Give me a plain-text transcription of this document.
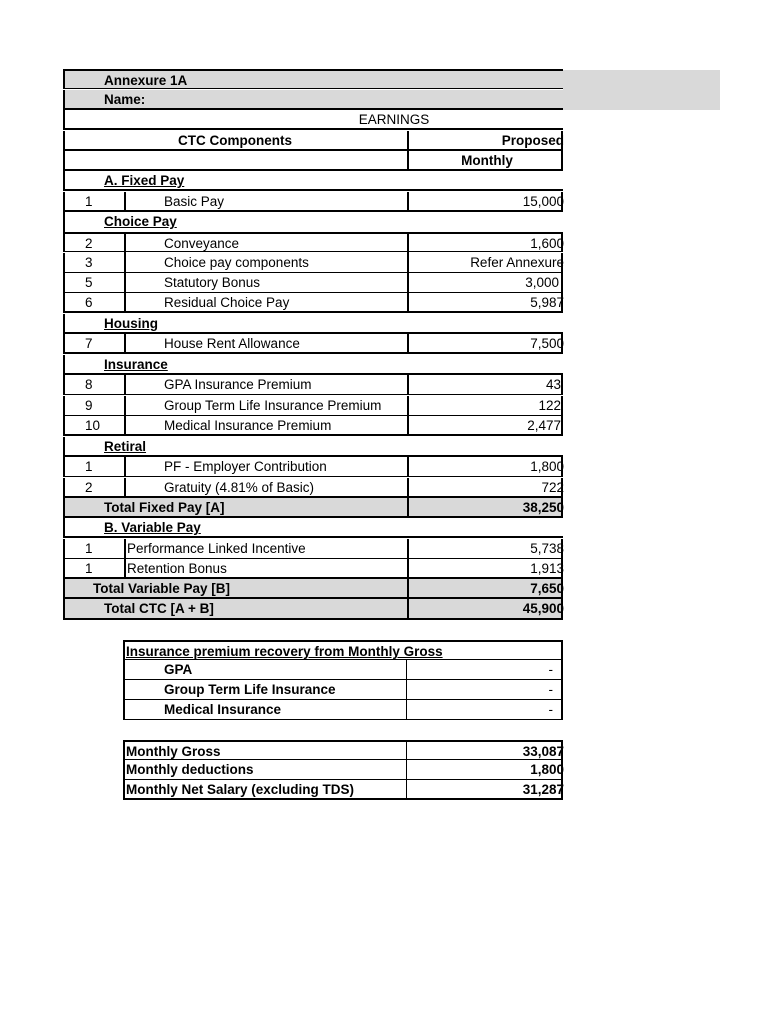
Annexure 1A
Name:
EARNINGS
CTC Components	Proposed
Monthly
A. Fixed Pay
1	Basic Pay	15,000
Choice Pay
2	Conveyance	1,600
3	Choice pay components	Refer Annexure
5	Statutory Bonus	3,000
6	Residual Choice Pay	5,987
Housing
7	House Rent Allowance	7,500
Insurance
8	GPA Insurance Premium	43
9	Group Term Life Insurance Premium	122
10	Medical Insurance Premium	2,477
Retiral
1	PF - Employer Contribution	1,800
2	Gratuity (4.81% of Basic)	722
Total Fixed Pay [A]	38,250
B. Variable Pay
1	Performance Linked Incentive	5,738
1	Retention Bonus	1,913
Total Variable Pay [B]	7,650
Total CTC [A + B]	45,900
Insurance premium recovery from Monthly Gross
GPA	-
Group Term Life Insurance	-
Medical Insurance	-
Monthly Gross	33,087
Monthly deductions	1,800
Monthly Net Salary (excluding TDS)	31,287
